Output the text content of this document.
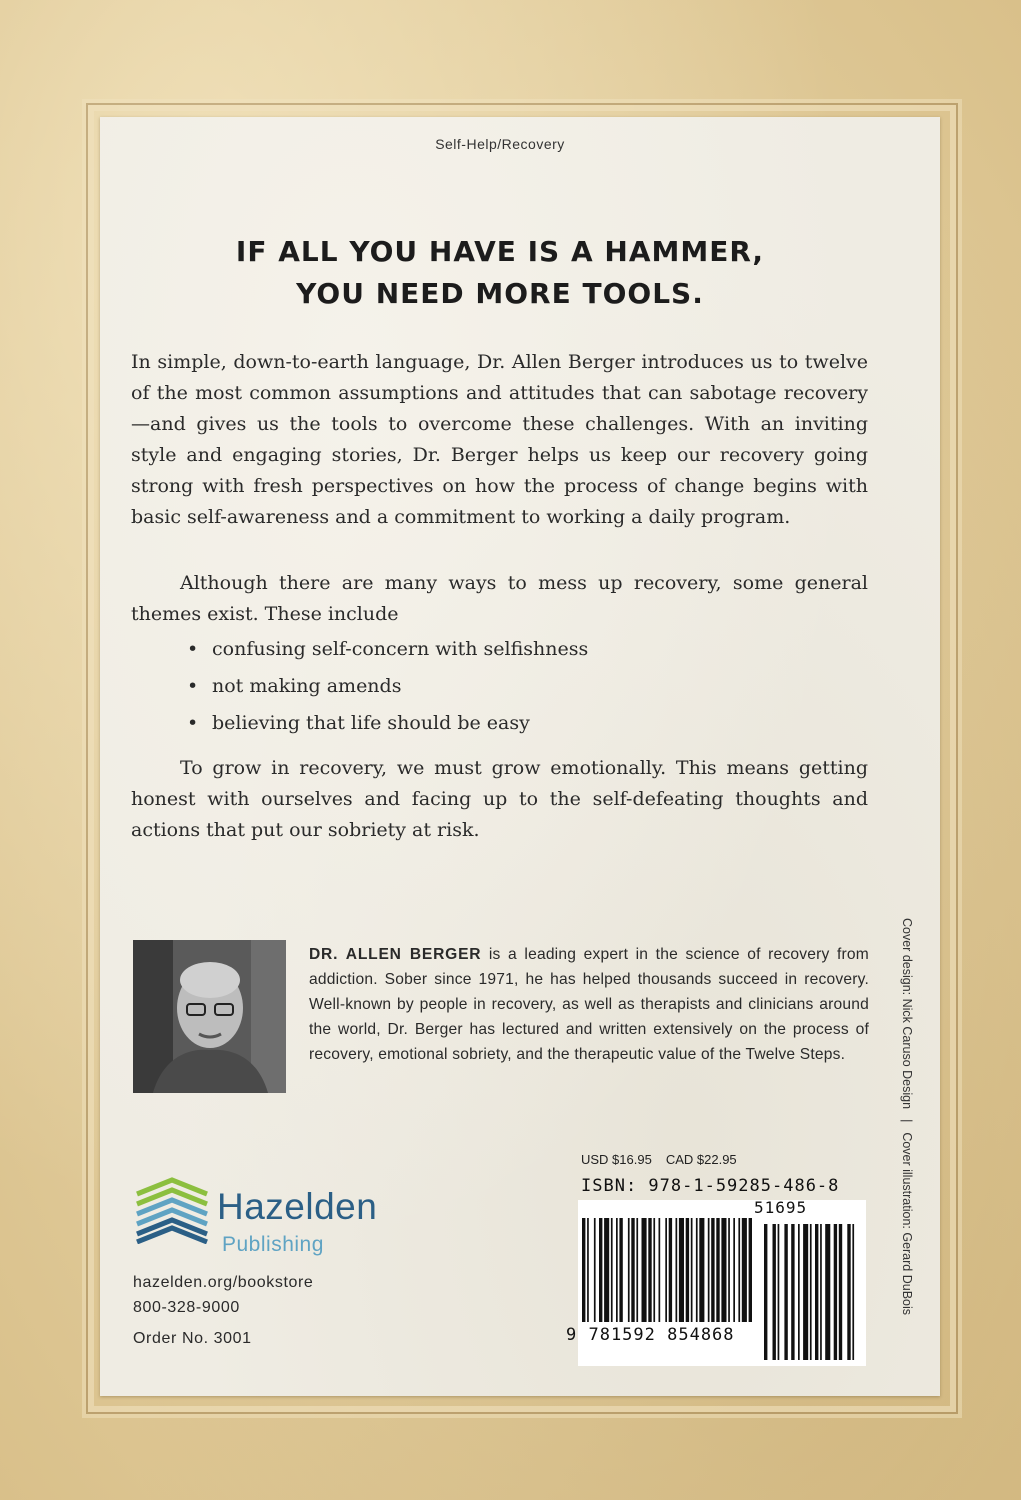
Self-Help/Recovery
IF ALL YOU HAVE IS A HAMMER,
YOU NEED MORE TOOLS.

In simple, down-to-earth language, Dr. Allen Berger introduces us to twelve of the most common assumptions and attitudes that can sabotage recovery—and gives us the tools to overcome these challenges. With an inviting style and engaging stories, Dr. Berger helps us keep our recovery going strong with fresh perspectives on how the process of change begins with basic self-awareness and a commitment to working a daily program.

Although there are many ways to mess up recovery, some general themes exist. These include

• confusing self-concern with selfishness
• not making amends
• believing that life should be easy

To grow in recovery, we must grow emotionally. This means getting honest with ourselves and facing up to the self-defeating thoughts and actions that put our sobriety at risk.

DR. ALLEN BERGER is a leading expert in the science of recovery from addiction. Sober since 1971, he has helped thousands succeed in recovery. Well-known by people in recovery, as well as therapists and clinicians around the world, Dr. Berger has lectured and written extensively on the process of recovery, emotional sobriety, and the therapeutic value of the Twelve Steps.

USD $16.95 CAD $22.95
ISBN: 978-1-59285-486-8
51695
9 781592 854868
Hazelden
Publishing
hazelden.org/bookstore
800-328-9000
Order No. 3001
Cover design: Nick Caruso Design|Cover illustration: Gerard DuBois
